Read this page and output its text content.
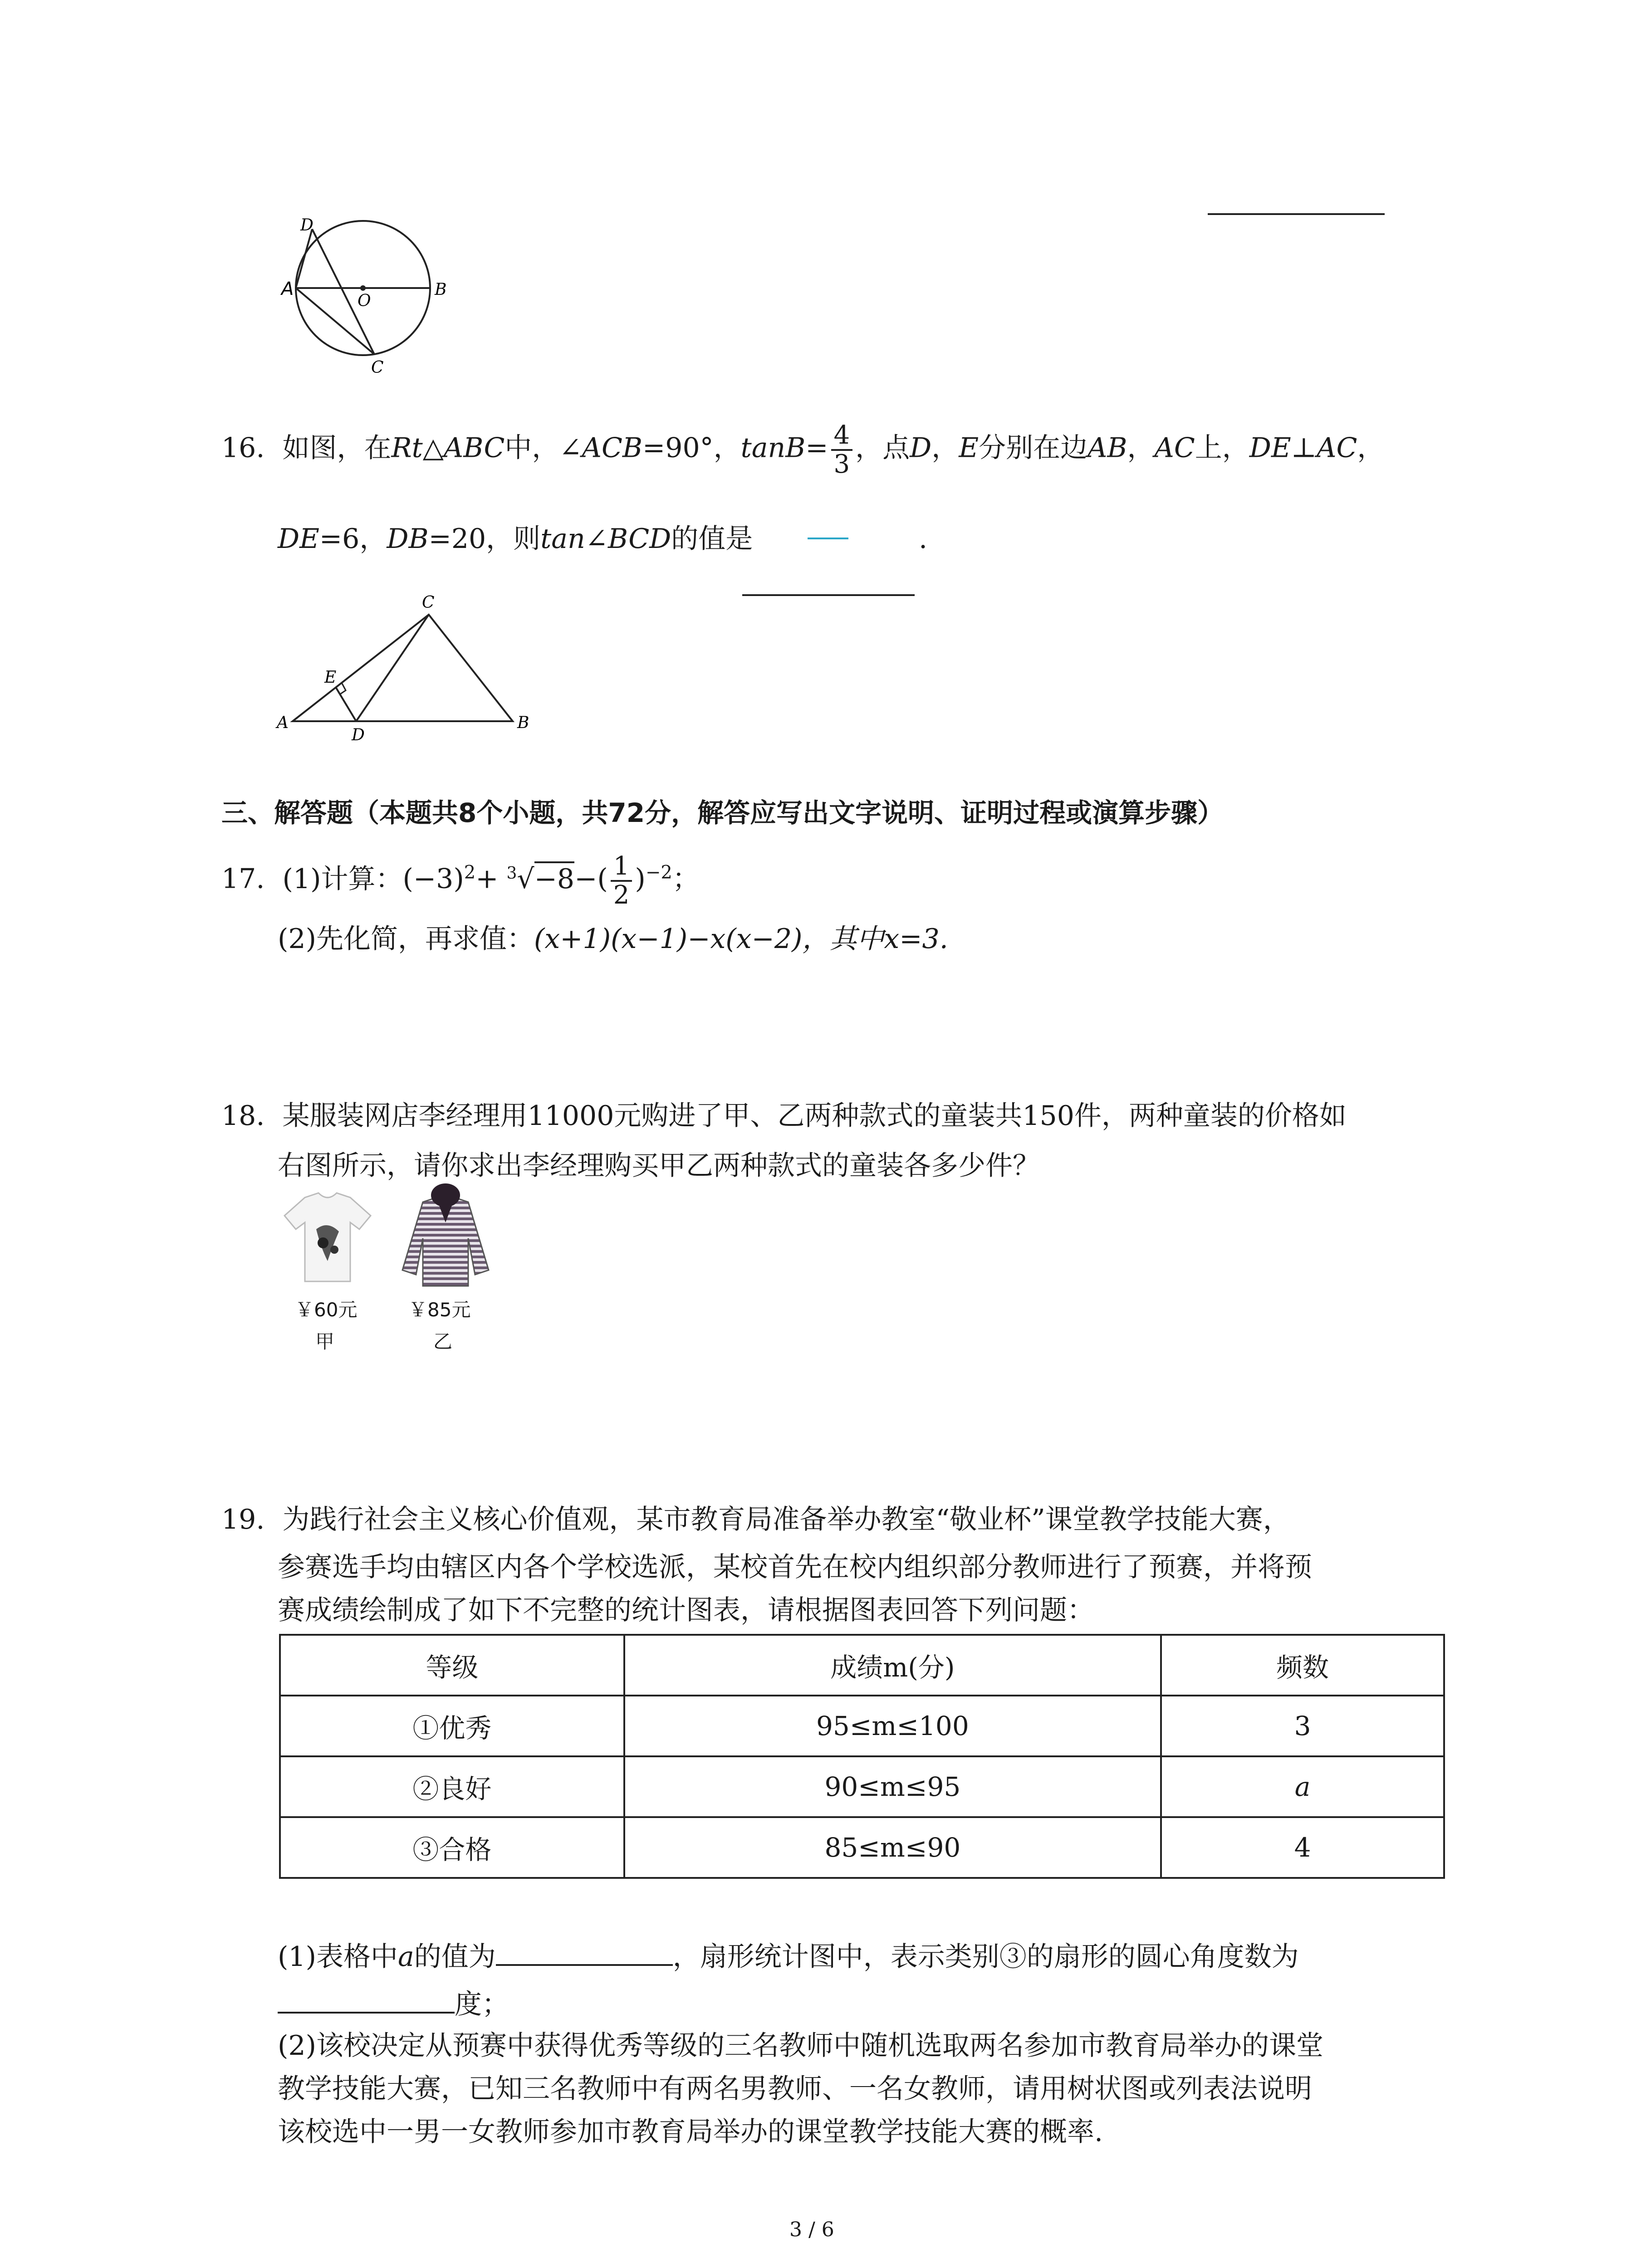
A	B
C
D
O
16. 如图，在Rt△ABC中，∠ACB=90°，$\tan B= \frac{4}{3}$ ，点D，E分别在边AB，AC上，DE⊥AC，
DE=6，DB=20，则tan∠BCD的值是	.
A	B
C
D
E
三、解答题（本题共8个小题，共72分，解答应写出文字说明、证明过程或演算步骤）
17. (1)计算：$(-3)^2+ ^3√-8-( \frac{1}{2} )^{-2}$；
(2)先化简，再求值：(x+1)(x−1)−x(x−2)，其中x=3.
18. 某服装网店李经理用11000元购进了甲、乙两种款式的童装共150件，两种童装的价格如
右图所示，请你求出李经理购买甲乙两种款式的童装各多少件？
￥60元
甲
￥85元
乙
19. 为践行社会主义核心价值观，某市教育局准备举办教室“敬业杯”课堂教学技能大赛，
参赛选手均由辖区内各个学校选派，某校首先在校内组织部分教师进行了预赛，并将预
赛成绩绘制成了如下不完整的统计图表，请根据图表回答下列问题：
等级	成绩m(分)	频数
①优秀	95≤m≤100	3
②良好	90≤m≤95	a
③合格	85≤m≤90	4
(1)表格中a的值为	，扇形统计图中，表示类别③的扇形的圆心角度数为
度；
(2)该校决定从预赛中获得优秀等级的三名教师中随机选取两名参加市教育局举办的课堂
教学技能大赛，已知三名教师中有两名男教师、一名女教师，请用树状图或列表法说明
该校选中一男一女教师参加市教育局举办的课堂教学技能大赛的概率.
3 / 6
